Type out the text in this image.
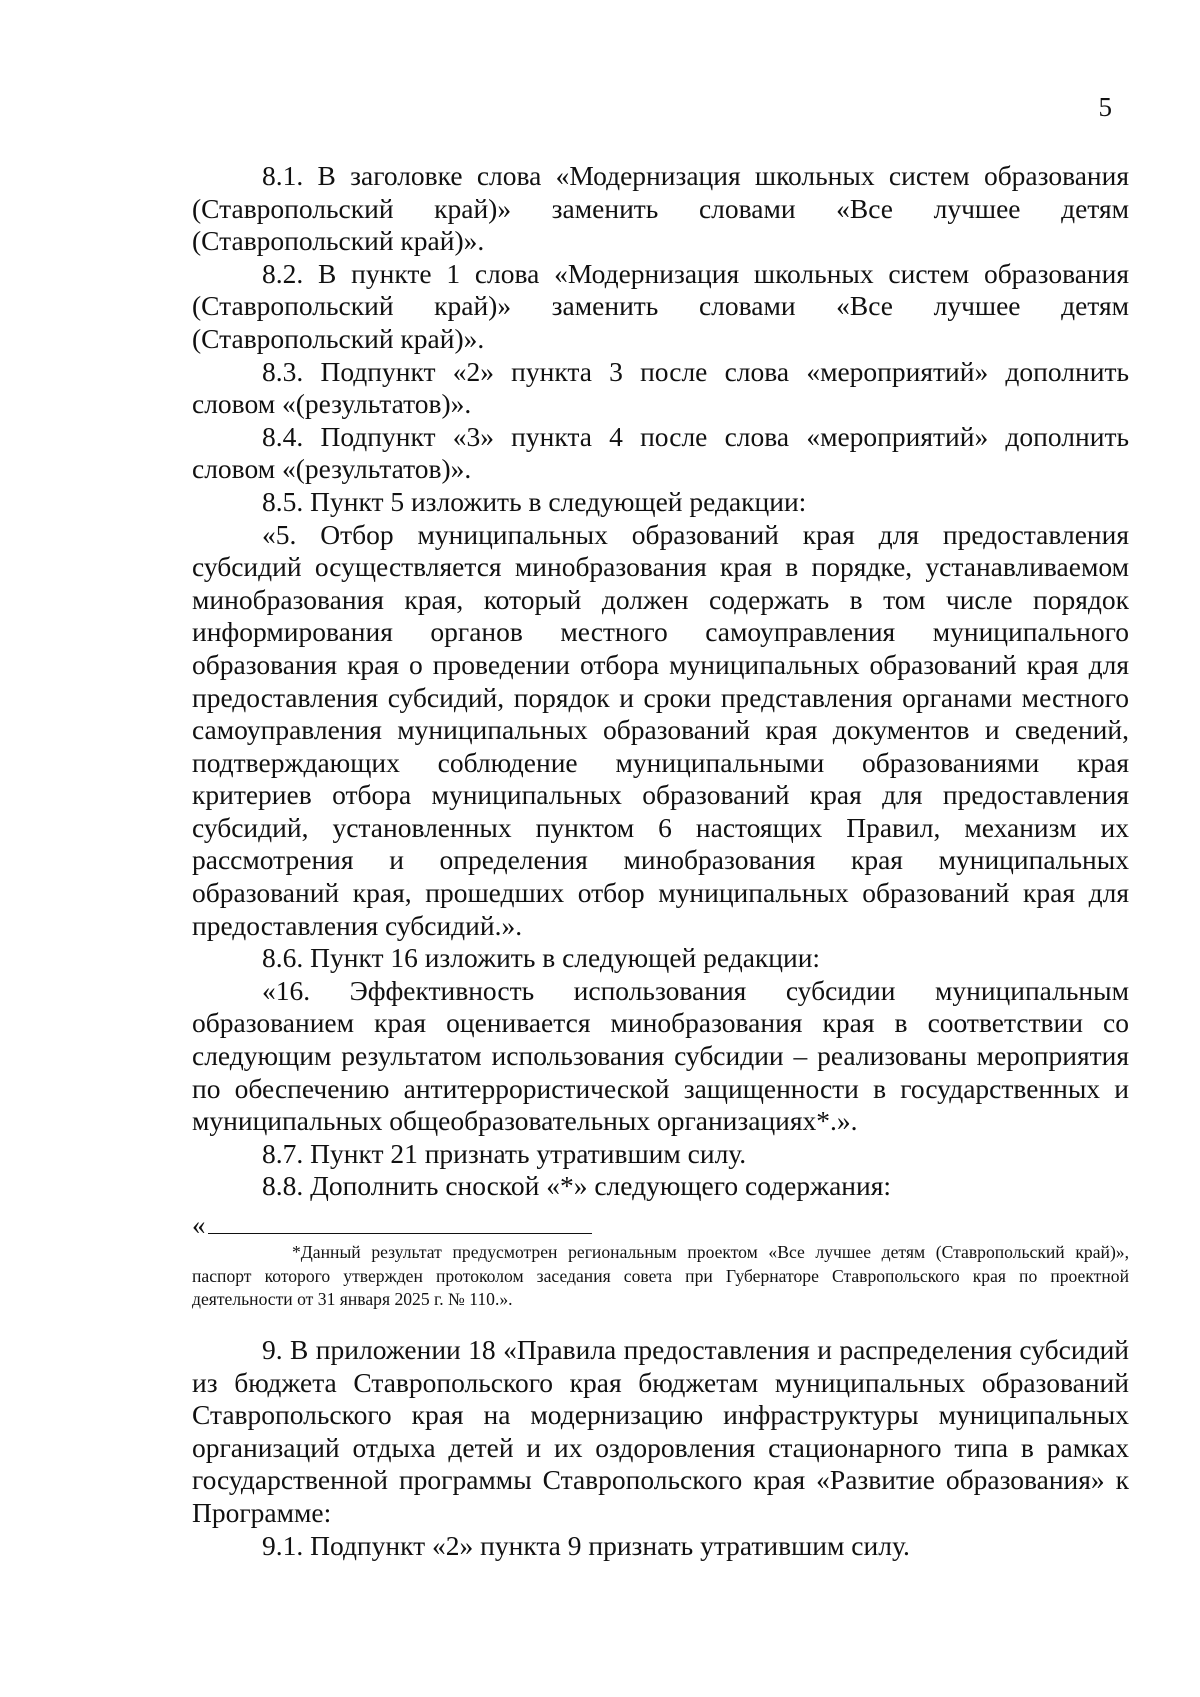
5

8.1. В заголовке слова «Модернизация школьных систем образования (Ставропольский край)» заменить словами «Все лучшее детям (Ставропольский край)».

8.2. В пункте 1 слова «Модернизация школьных систем образования (Ставропольский край)» заменить словами «Все лучшее детям (Ставропольский край)».

8.3. Подпункт «2» пункта 3 после слова «мероприятий» дополнить словом «(результатов)».

8.4. Подпункт «3» пункта 4 после слова «мероприятий» дополнить словом «(результатов)».

8.5. Пункт 5 изложить в следующей редакции:

«5. Отбор муниципальных образований края для предоставления субсидий осуществляется минобразования края в порядке, устанавливаемом минобразования края, который должен содержать в том числе порядок информирования органов местного самоуправления муниципального образования края о проведении отбора муниципальных образований края для предоставления субсидий, порядок и сроки представления органами местного самоуправления муниципальных образований края документов и сведений, подтверждающих соблюдение муниципальными образованиями края критериев отбора муниципальных образований края для предоставления субсидий, установленных пунктом 6 настоящих Правил, механизм их рассмотрения и определения минобразования края муниципальных образований края, прошедших отбор муниципальных образований края для предоставления субсидий.».

8.6. Пункт 16 изложить в следующей редакции:

«16. Эффективность использования субсидии муниципальным образованием края оценивается минобразования края в соответствии со следующим результатом использования субсидии – реализованы мероприятия по обеспечению антитеррористической защищенности в государственных и муниципальных общеобразовательных организациях*.».

8.7. Пункт 21 признать утратившим силу.

8.8. Дополнить сноской «*» следующего содержания:

«

*Данный результат предусмотрен региональным проектом «Все лучшее детям (Ставропольский край)», паспорт которого утвержден протоколом заседания совета при Губернаторе Ставропольского края по проектной деятельности от 31 января 2025 г. № 110.».

9. В приложении 18 «Правила предоставления и распределения субсидий из бюджета Ставропольского края бюджетам муниципальных образований Ставропольского края на модернизацию инфраструктуры муниципальных организаций отдыха детей и их оздоровления стационарного типа в рамках государственной программы Ставропольского края «Развитие образования» к Программе:

9.1. Подпункт «2» пункта 9 признать утратившим силу.
